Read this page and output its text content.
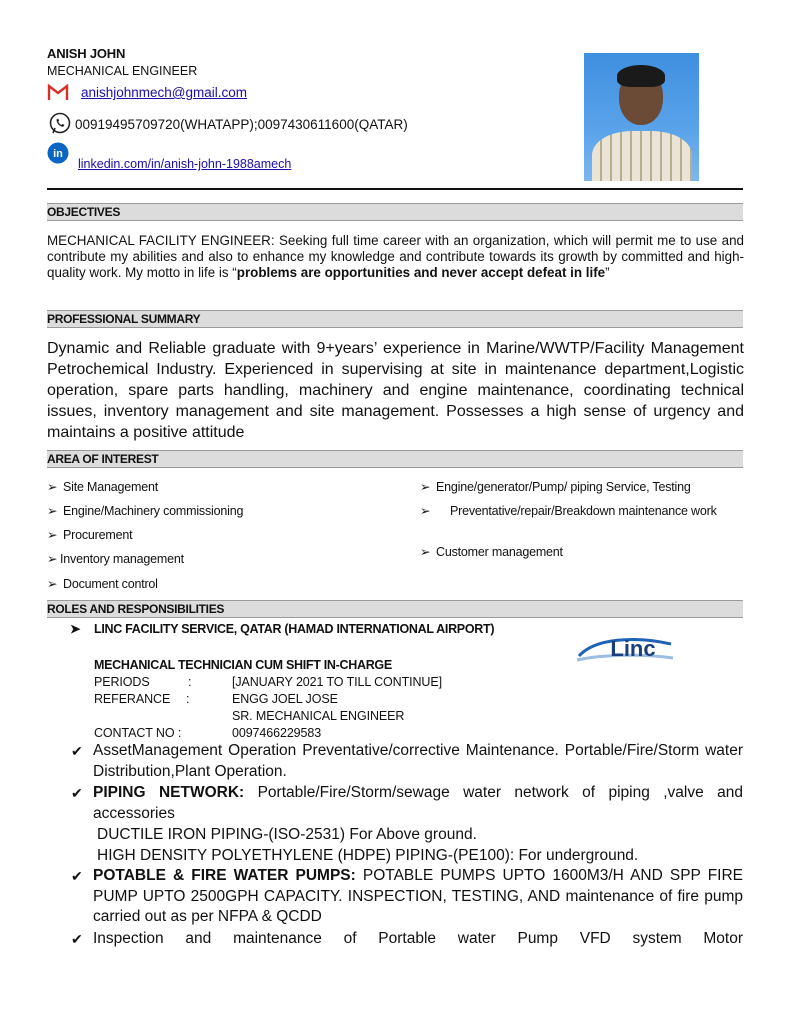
ANISH JOHN
MECHANICAL ENGINEER
anishjohnmech@gmail.com
00919495709720(WHATAPP);0097430611600(QATAR)
in
linkedin.com/in/anish-john-1988amech
OBJECTIVES
MECHANICAL FACILITY ENGINEER: Seeking full time career with an organization, which will permit me to use and contribute my abilities and also to enhance my knowledge and contribute towards its growth by committed and high-quality work. My motto in life is “problems are opportunities and never accept defeat in life”
PROFESSIONAL SUMMARY
Dynamic and Reliable graduate with 9+years’ experience in Marine/WWTP/Facility Management Petrochemical Industry. Experienced in supervising at site in maintenance department,Logistic operation, spare parts handling, machinery and engine maintenance, coordinating technical issues, inventory management and site management. Possesses a high sense of urgency and maintains a positive attitude
AREA OF INTEREST
➢ Site Management
➢ Engine/Machinery commissioning
➢ Procurement
➢ Inventory management
➢ Document control
➢ Engine/generator/Pump/ piping Service, Testing
➢ Preventative/repair/Breakdown maintenance work
➢ Customer management
ROLES AND RESPONSIBILITIES
➤ LINC FACILITY SERVICE, QATAR (HAMAD INTERNATIONAL AIRPORT)
Linc
MECHANICAL TECHNICIAN CUM SHIFT IN-CHARGE
PERIODS	:	[JANUARY 2021 TO TILL CONTINUE]
REFERANCE :	ENGG JOEL JOSE
SR. MECHANICAL ENGINEER
CONTACT NO :	0097466229583
✔ AssetManagement Operation Preventative/corrective Maintenance. Portable/Fire/Storm water Distribution,Plant Operation.
✔ PIPING NETWORK: Portable/Fire/Storm/sewage water network of piping ,valve and accessories
DUCTILE IRON PIPING-(ISO-2531) For Above ground.
HIGH DENSITY POLYETHYLENE (HDPE) PIPING-(PE100): For underground.
✔ POTABLE & FIRE WATER PUMPS: POTABLE PUMPS UPTO 1600M3/H AND SPP FIRE PUMP UPTO 2500GPH CAPACITY. INSPECTION, TESTING, AND maintenance of fire pump carried out as per NFPA & QCDD
✔ Inspection and maintenance of Portable water Pump VFD system Motor
